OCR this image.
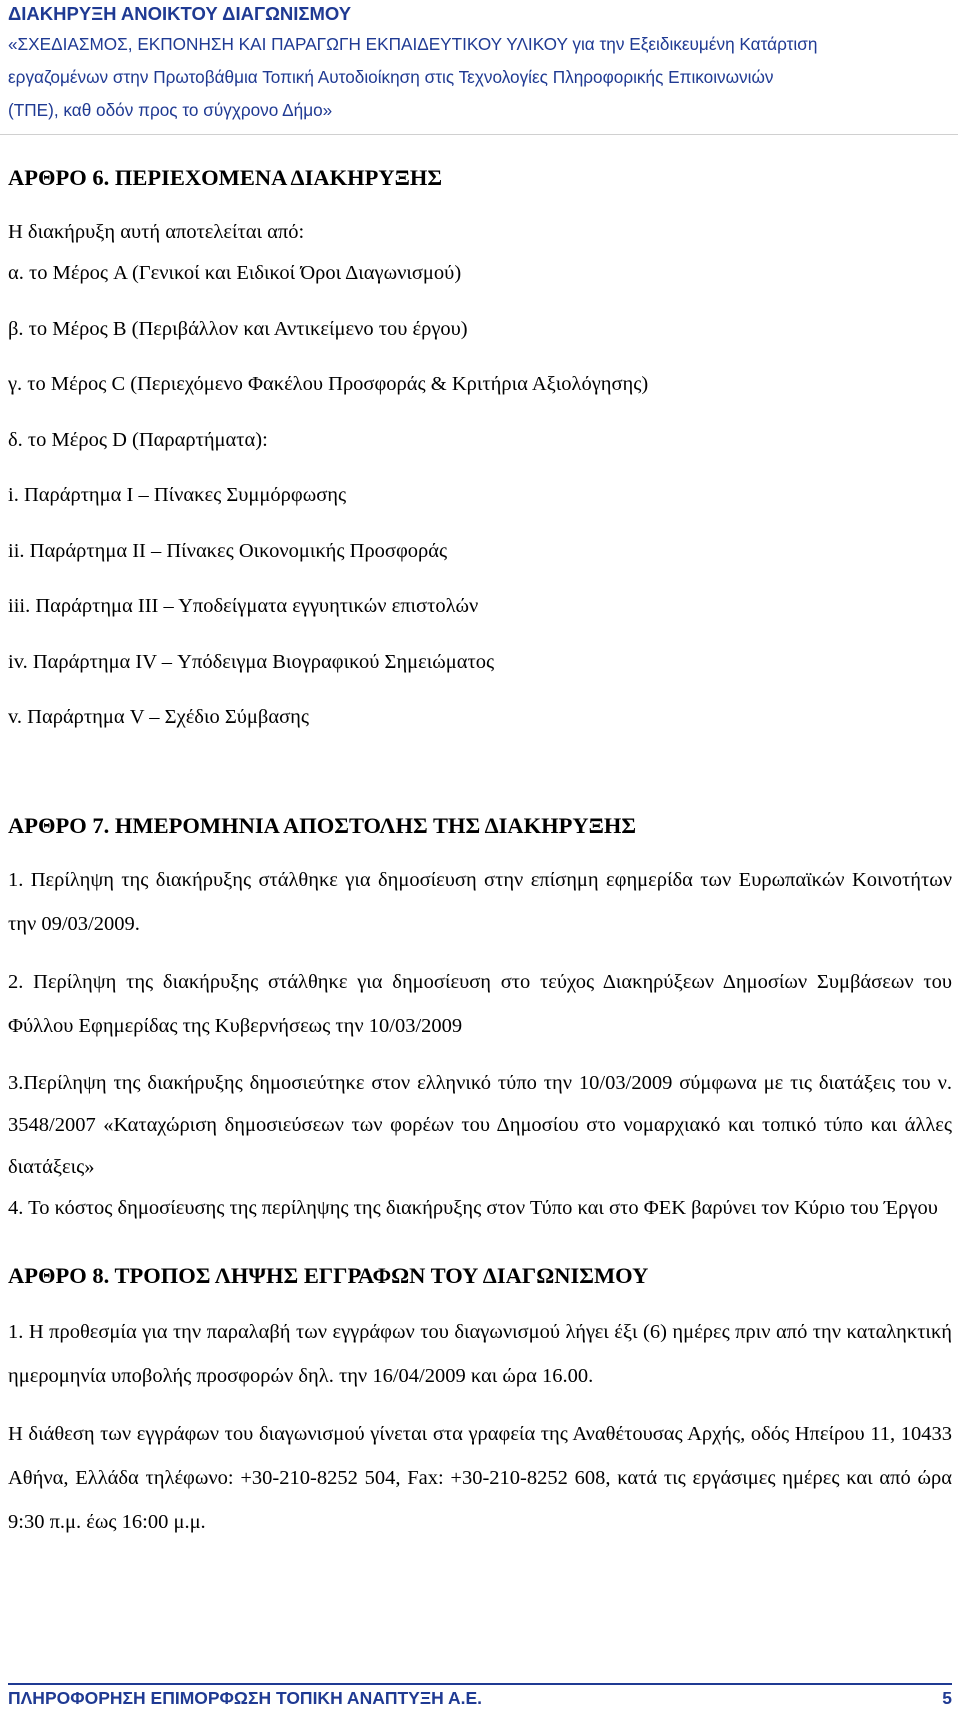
ΔΙΑΚΗΡΥΞΗ ΑΝΟΙΚΤΟΥ ΔΙΑΓΩΝΙΣΜΟΥ
«ΣΧΕΔΙΑΣΜΟΣ, ΕΚΠΟΝΗΣΗ ΚΑΙ ΠΑΡΑΓΩΓΗ ΕΚΠΑΙΔΕΥΤΙΚΟΥ ΥΛΙΚΟΥ για την Εξειδικευμένη Κατάρτιση
εργαζομένων στην Πρωτοβάθμια Τοπική Αυτοδιοίκηση στις Τεχνολογίες Πληροφορικής Επικοινωνιών
(ΤΠΕ), καθ οδόν προς το σύγχρονο Δήμο»
ΑΡΘΡΟ 6. ΠΕΡΙΕΧΟΜΕΝΑ ΔΙΑΚΗΡΥΞΗΣ

Η διακήρυξη αυτή αποτελείται από:

α. το Μέρος A (Γενικοί και Ειδικοί Όροι Διαγωνισμού)

β. το Μέρος B (Περιβάλλον και Αντικείμενο του έργου)

γ. το Μέρος C (Περιεχόμενο Φακέλου Προσφοράς & Κριτήρια Αξιολόγησης)

δ. το Μέρος D (Παραρτήματα):

i. Παράρτημα Ι – Πίνακες Συμμόρφωσης

ii. Παράρτημα ΙΙ – Πίνακες Οικονομικής Προσφοράς

iii. Παράρτημα ΙΙΙ – Υποδείγματα εγγυητικών επιστολών

iv. Παράρτημα IV – Υπόδειγμα Βιογραφικού Σημειώματος

v. Παράρτημα V – Σχέδιο Σύμβασης

ΑΡΘΡΟ 7. ΗΜΕΡΟΜΗΝΙΑ ΑΠΟΣΤΟΛΗΣ ΤΗΣ ΔΙΑΚΗΡΥΞΗΣ

1. Περίληψη της διακήρυξης στάλθηκε για δημοσίευση στην επίσημη εφημερίδα των Ευρωπαϊκών Κοινοτήτων την 09/03/2009.

2. Περίληψη της διακήρυξης στάλθηκε για δημοσίευση στο τεύχος Διακηρύξεων Δημοσίων Συμβάσεων του Φύλλου Εφημερίδας της Κυβερνήσεως την 10/03/2009

3.Περίληψη της διακήρυξης δημοσιεύτηκε στον ελληνικό τύπο την 10/03/2009 σύμφωνα με τις διατάξεις του ν. 3548/2007 «Καταχώριση δημοσιεύσεων των φορέων του Δημοσίου στο νομαρχιακό και τοπικό τύπο και άλλες διατάξεις»

4. Το κόστος δημοσίευσης της περίληψης της διακήρυξης στον Τύπο και στο ΦΕΚ βαρύνει τον Κύριο του Έργου

ΑΡΘΡΟ 8. ΤΡΟΠΟΣ ΛΗΨΗΣ ΕΓΓΡΑΦΩΝ ΤΟΥ ΔΙΑΓΩΝΙΣΜΟΥ

1. Η προθεσμία για την παραλαβή των εγγράφων του διαγωνισμού λήγει έξι (6) ημέρες πριν από την καταληκτική ημερομηνία υποβολής προσφορών δηλ. την 16/04/2009 και ώρα 16.00.

Η διάθεση των εγγράφων του διαγωνισμού γίνεται στα γραφεία της Αναθέτουσας Αρχής, οδός Ηπείρου 11, 10433 Αθήνα, Ελλάδα τηλέφωνο: +30-210-8252 504, Fax: +30-210-8252 608, κατά τις εργάσιμες ημέρες και από ώρα 9:30 π.μ. έως 16:00 μ.μ.

ΠΛΗΡΟΦΟΡΗΣΗ ΕΠΙΜΟΡΦΩΣΗ ΤΟΠΙΚΗ ΑΝΑΠΤΥΞΗ Α.Ε.	5
